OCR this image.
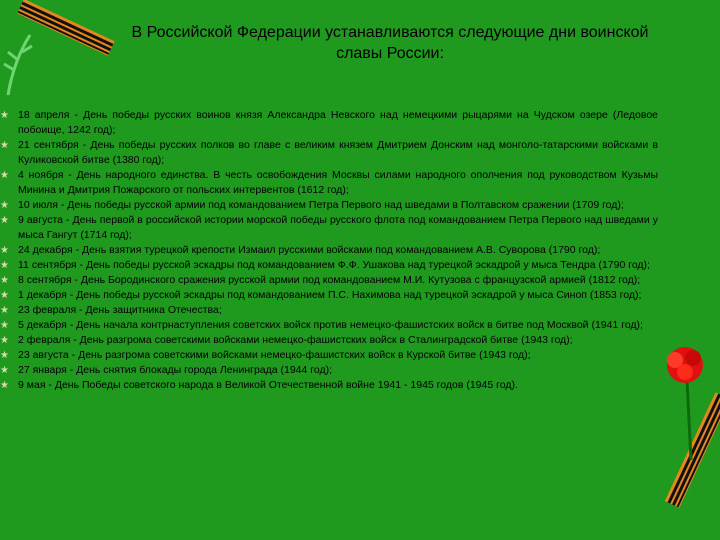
В Российской Федерации устанавливаются следующие дни воинской славы России:
★ 18 апреля - День победы русских воинов князя Александра Невского над немецкими рыцарями на Чудском озере (Ледовое побоище, 1242 год);
★ 21 сентября - День победы русских полков во главе с великим князем Дмитрием Донским над монголо-татарскими войсками в Куликовской битве (1380 год);
★ 4 ноября - День народного единства. В честь освобождения Москвы силами народного ополчения под руководством Кузьмы Минина и Дмитрия Пожарского от польских интервентов (1612 год);
★ 10 июля - День победы русской армии под командованием Петра Первого над шведами в Полтавском сражении (1709 год);
★ 9 августа - День первой в российской истории морской победы русского флота под командованием Петра Первого над шведами у мыса Гангут (1714 год);
★ 24 декабря - День взятия турецкой крепости Измаил русскими войсками под командованием А.В. Суворова (1790 год);
★ 11 сентября - День победы русской эскадры под командованием Ф.Ф. Ушакова над турецкой эскадрой у мыса Тендра (1790 год);
★ 8 сентября - День Бородинского сражения русской армии под командованием М.И. Кутузова с французской армией (1812 год);
★ 1 декабря - День победы русской эскадры под командованием П.С. Нахимова над турецкой эскадрой у мыса Синоп (1853 год);
★ 23 февраля - День защитника Отечества;
★ 5 декабря - День начала контрнаступления советских войск против немецко-фашистских войск в битве под Москвой (1941 год);
★ 2 февраля - День разгрома советскими войсками немецко-фашистских войск в Сталинградской битве (1943 год);
★ 23 августа - День разгрома советскими войсками немецко-фашистских войск в Курской битве (1943 год);
★ 27 января - День снятия блокады города Ленинграда (1944 год);
★ 9 мая - День Победы советского народа в Великой Отечественной войне 1941 - 1945 годов (1945 год).
